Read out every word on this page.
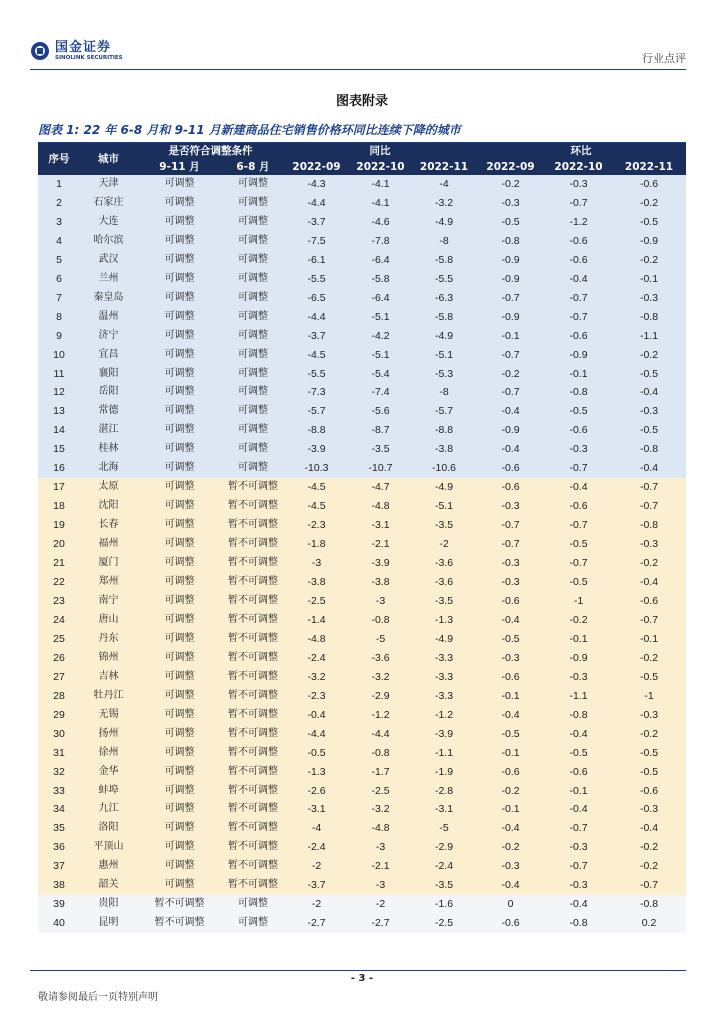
国金证券
SINOLINK SECURITIES	行业点评
图表附录
图表 1: 22 年 6-8 月和 9-11 月新建商品住宅销售价格环同比连续下降的城市
序号	城市	是否符合调整条件		同比			环比		
		9-11 月	6-8 月	2022-09	2022-10	2022-11	2022-09	2022-10	2022-11
1	天津	可调整	可调整	-4.3	-4.1	-4	-0.2	-0.3	-0.6
2	石家庄	可调整	可调整	-4.4	-4.1	-3.2	-0.3	-0.7	-0.2
3	大连	可调整	可调整	-3.7	-4.6	-4.9	-0.5	-1.2	-0.5
4	哈尔滨	可调整	可调整	-7.5	-7.8	-8	-0.8	-0.6	-0.9
5	武汉	可调整	可调整	-6.1	-6.4	-5.8	-0.9	-0.6	-0.2
6	兰州	可调整	可调整	-5.5	-5.8	-5.5	-0.9	-0.4	-0.1
7	秦皇岛	可调整	可调整	-6.5	-6.4	-6.3	-0.7	-0.7	-0.3
8	温州	可调整	可调整	-4.4	-5.1	-5.8	-0.9	-0.7	-0.8
9	济宁	可调整	可调整	-3.7	-4.2	-4.9	-0.1	-0.6	-1.1
10	宜昌	可调整	可调整	-4.5	-5.1	-5.1	-0.7	-0.9	-0.2
11	襄阳	可调整	可调整	-5.5	-5.4	-5.3	-0.2	-0.1	-0.5
12	岳阳	可调整	可调整	-7.3	-7.4	-8	-0.7	-0.8	-0.4
13	常德	可调整	可调整	-5.7	-5.6	-5.7	-0.4	-0.5	-0.3
14	湛江	可调整	可调整	-8.8	-8.7	-8.8	-0.9	-0.6	-0.5
15	桂林	可调整	可调整	-3.9	-3.5	-3.8	-0.4	-0.3	-0.8
16	北海	可调整	可调整	-10.3	-10.7	-10.6	-0.6	-0.7	-0.4
17	太原	可调整	暂不可调整	-4.5	-4.7	-4.9	-0.6	-0.4	-0.7
18	沈阳	可调整	暂不可调整	-4.5	-4.8	-5.1	-0.3	-0.6	-0.7
19	长春	可调整	暂不可调整	-2.3	-3.1	-3.5	-0.7	-0.7	-0.8
20	福州	可调整	暂不可调整	-1.8	-2.1	-2	-0.7	-0.5	-0.3
21	厦门	可调整	暂不可调整	-3	-3.9	-3.6	-0.3	-0.7	-0.2
22	郑州	可调整	暂不可调整	-3.8	-3.8	-3.6	-0.3	-0.5	-0.4
23	南宁	可调整	暂不可调整	-2.5	-3	-3.5	-0.6	-1	-0.6
24	唐山	可调整	暂不可调整	-1.4	-0.8	-1.3	-0.4	-0.2	-0.7
25	丹东	可调整	暂不可调整	-4.8	-5	-4.9	-0.5	-0.1	-0.1
26	锦州	可调整	暂不可调整	-2.4	-3.6	-3.3	-0.3	-0.9	-0.2
27	吉林	可调整	暂不可调整	-3.2	-3.2	-3.3	-0.6	-0.3	-0.5
28	牡丹江	可调整	暂不可调整	-2.3	-2.9	-3.3	-0.1	-1.1	-1
29	无锡	可调整	暂不可调整	-0.4	-1.2	-1.2	-0.4	-0.8	-0.3
30	扬州	可调整	暂不可调整	-4.4	-4.4	-3.9	-0.5	-0.4	-0.2
31	徐州	可调整	暂不可调整	-0.5	-0.8	-1.1	-0.1	-0.5	-0.5
32	金华	可调整	暂不可调整	-1.3	-1.7	-1.9	-0.6	-0.6	-0.5
33	蚌埠	可调整	暂不可调整	-2.6	-2.5	-2.8	-0.2	-0.1	-0.6
34	九江	可调整	暂不可调整	-3.1	-3.2	-3.1	-0.1	-0.4	-0.3
35	洛阳	可调整	暂不可调整	-4	-4.8	-5	-0.4	-0.7	-0.4
36	平顶山	可调整	暂不可调整	-2.4	-3	-2.9	-0.2	-0.3	-0.2
37	惠州	可调整	暂不可调整	-2	-2.1	-2.4	-0.3	-0.7	-0.2
38	韶关	可调整	暂不可调整	-3.7	-3	-3.5	-0.4	-0.3	-0.7
39	贵阳	暂不可调整	可调整	-2	-2	-1.6	0	-0.4	-0.8
40	昆明	暂不可调整	可调整	-2.7	-2.7	-2.5	-0.6	-0.8	0.2
- 3 -
敬请参阅最后一页特别声明
